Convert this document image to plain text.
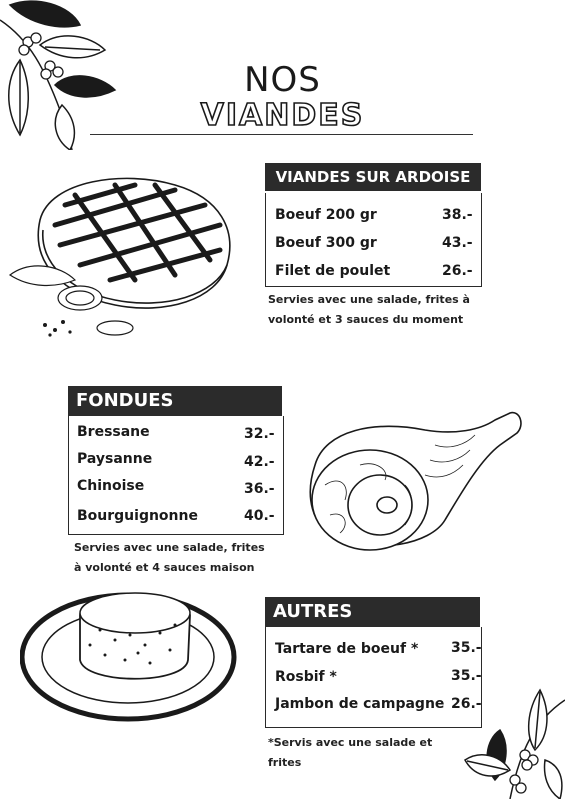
NOS
VIANDES
VIANDES SUR ARDOISE
Boeuf 200 gr	38.-
Boeuf 300 gr	43.-
Filet de poulet	26.-
Servies avec une salade, frites à volonté et 3 sauces du moment
FONDUES
Bressane	32.-
Paysanne	42.-
Chinoise	36.-
Bourguignonne	40.-
Servies avec une salade, frites à volonté et 4 sauces maison
AUTRES
Tartare de boeuf * 35.-
Rosbif *	35.-
Jambon de campagne 26.-
*Servis avec une salade et frites
